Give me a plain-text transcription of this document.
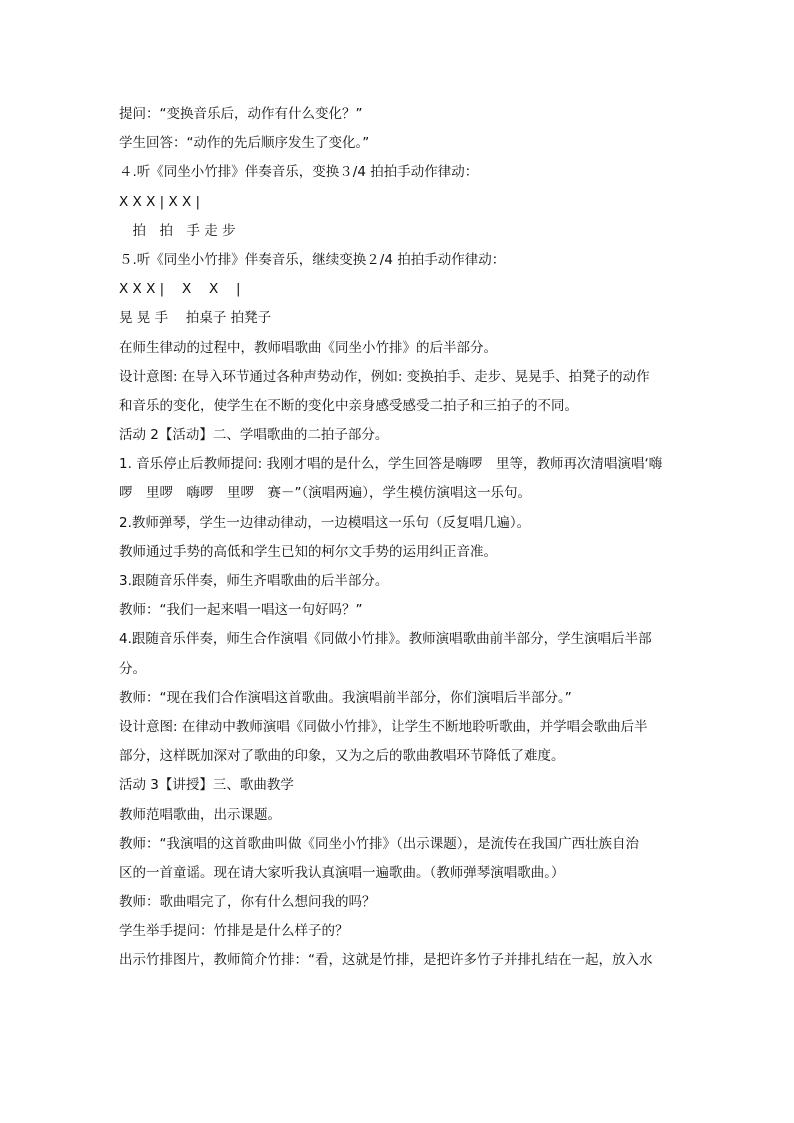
提问：“变换音乐后，动作有什么变化？”
学生回答：“动作的先后顺序发生了变化。”
４.听《同坐小竹排》伴奏音乐，变换３/4 拍拍手动作律动：
X X X | X X |
　拍　拍　手 走 步
５.听《同坐小竹排》伴奏音乐，继续变换２/4 拍拍手动作律动：
X X X |　 X　 X　 |
晃 晃 手　 拍桌子 拍凳子
在师生律动的过程中，教师唱歌曲《同坐小竹排》的后半部分。
设计意图: 在导入环节通过各种声势动作，例如: 变换拍手、走步、晃晃手、拍凳子的动作
和音乐的变化，使学生在不断的变化中亲身感受感受二拍子和三拍子的不同。
活动 2【活动】二、学唱歌曲的二拍子部分。
1. 音乐停止后教师提问: 我刚才唱的是什么，学生回答是嗨啰　里等，教师再次清唱演唱‘嗨
啰　里啰　嗨啰　里啰　赛－”（演唱两遍），学生模仿演唱这一乐句。
2.教师弹琴，学生一边律动律动，一边模唱这一乐句（反复唱几遍）。
教师通过手势的高低和学生已知的柯尔文手势的运用纠正音准。
3.跟随音乐伴奏，师生齐唱歌曲的后半部分。
教师：“我们一起来唱一唱这一句好吗？”
4.跟随音乐伴奏，师生合作演唱《同做小竹排》。教师演唱歌曲前半部分，学生演唱后半部
分。
教师：“现在我们合作演唱这首歌曲。我演唱前半部分，你们演唱后半部分。”
设计意图: 在律动中教师演唱《同做小竹排》，让学生不断地聆听歌曲，并学唱会歌曲后半
部分，这样既加深对了歌曲的印象，又为之后的歌曲教唱环节降低了难度。
活动 3【讲授】三、歌曲教学
教师范唱歌曲，出示课题。
教师：“我演唱的这首歌曲叫做《同坐小竹排》（出示课题），是流传在我国广西壮族自治
区的一首童谣。现在请大家听我认真演唱一遍歌曲。（教师弹琴演唱歌曲。）
教师：歌曲唱完了，你有什么想问我的吗？
学生举手提问：竹排是是什么样子的？
出示竹排图片，教师简介竹排：“看，这就是竹排，是把许多竹子并排扎结在一起，放入水
